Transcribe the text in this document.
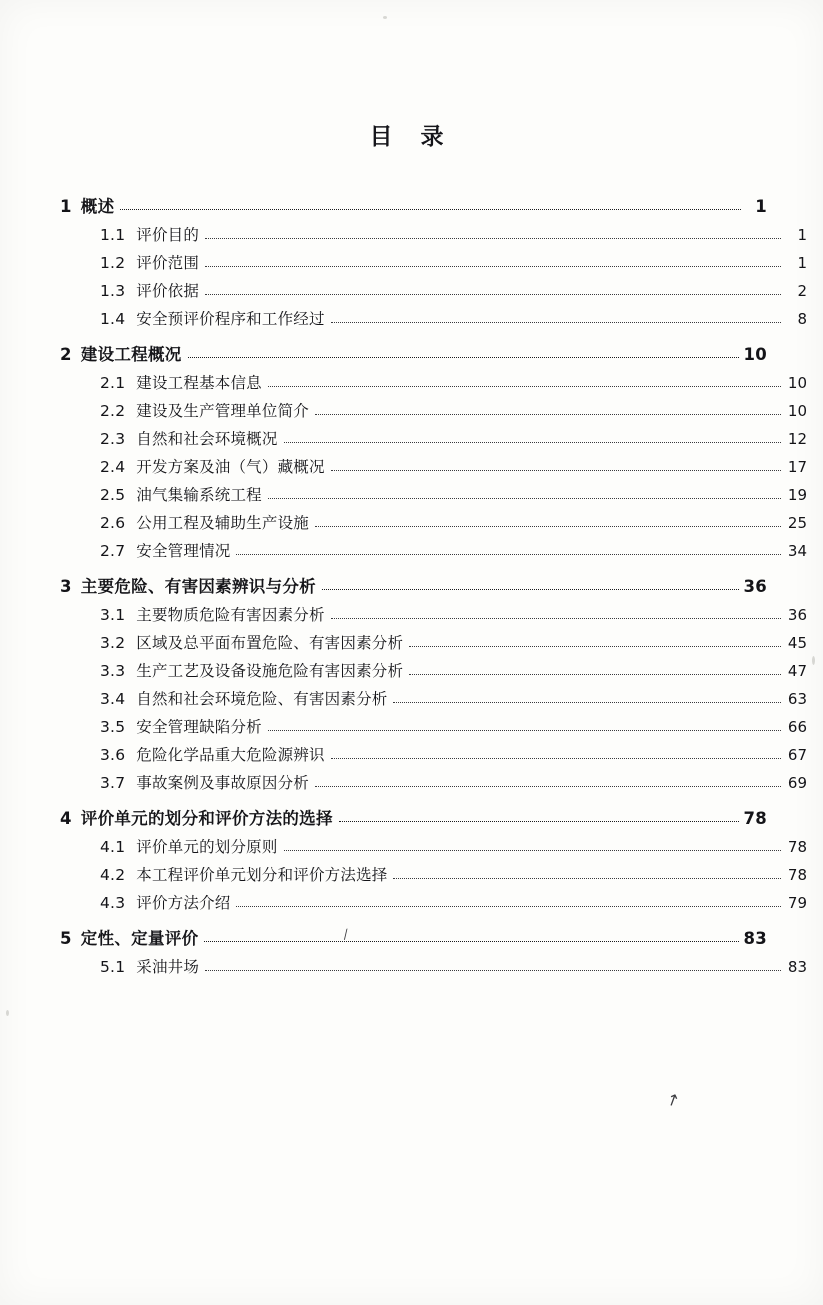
目 录
1 概述	1
1.1 评价目的	1
1.2 评价范围	1
1.3 评价依据	2
1.4 安全预评价程序和工作经过	8
2 建设工程概况	10
2.1 建设工程基本信息	10
2.2 建设及生产管理单位简介	10
2.3 自然和社会环境概况	12
2.4 开发方案及油（气）藏概况	17
2.5 油气集输系统工程	19
2.6 公用工程及辅助生产设施	25
2.7 安全管理情况	34
3 主要危险、有害因素辨识与分析	36
3.1 主要物质危险有害因素分析	36
3.2 区域及总平面布置危险、有害因素分析	45
3.3 生产工艺及设备设施危险有害因素分析	47
3.4 自然和社会环境危险、有害因素分析	63
3.5 安全管理缺陷分析	66
3.6 危险化学品重大危险源辨识	67
3.7 事故案例及事故原因分析	69
4 评价单元的划分和评价方法的选择	78
4.1 评价单元的划分原则	78
4.2 本工程评价单元划分和评价方法选择	78
4.3 评价方法介绍	79
5 定性、定量评价	83
5.1 采油井场	83
⁄
↗
